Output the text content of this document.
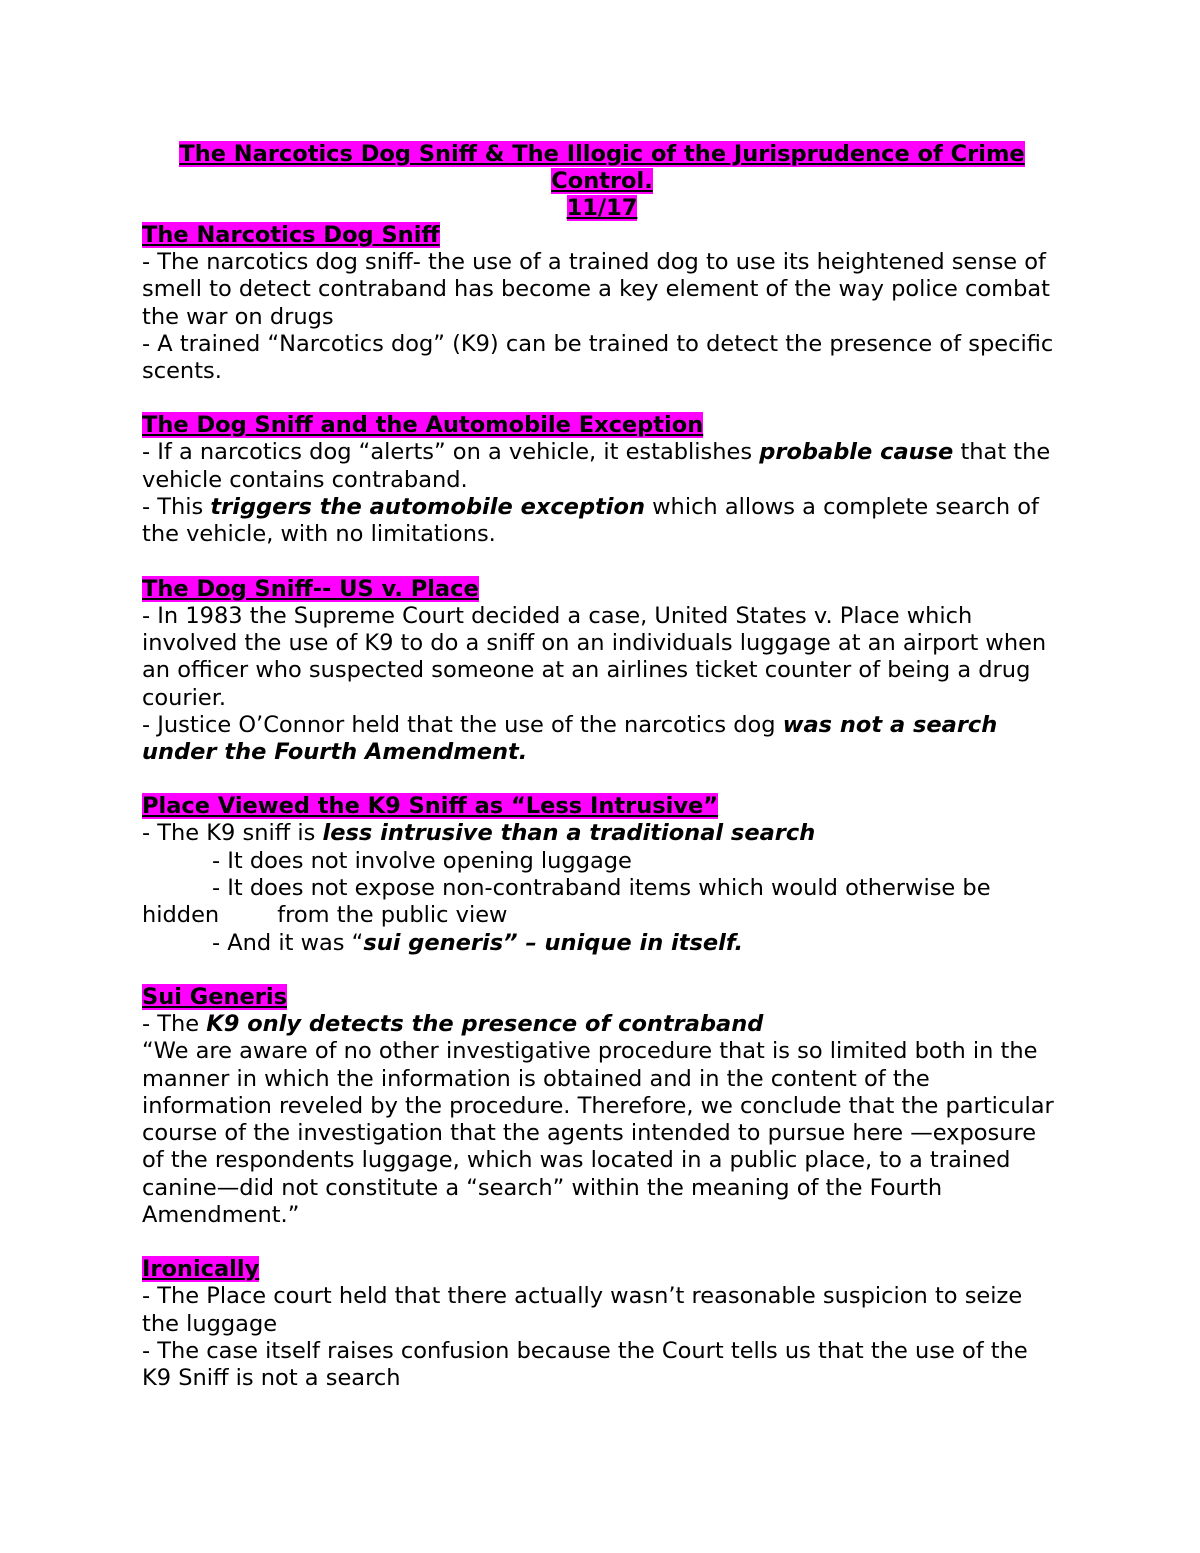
The Narcotics Dog Sniff & The Illogic of the Jurisprudence of Crime
Control.
11/17
The Narcotics Dog Sniff

- The narcotics dog sniff- the use of a trained dog to use its heightened sense of smell to detect contraband has become a key element of the way police combat the war on drugs

- A trained “Narcotics dog” (K9) can be trained to detect the presence of specific scents.

The Dog Sniff and the Automobile Exception

- If a narcotics dog “alerts” on a vehicle, it establishes probable cause that the vehicle contains contraband.

- This triggers the automobile exception which allows a complete search of the vehicle, with no limitations.

The Dog Sniff-- US v. Place

- In 1983 the Supreme Court decided a case, United States v. Place which involved the use of K9 to do a sniff on an individuals luggage at an airport when an officer who suspected someone at an airlines ticket counter of being a drug courier.

- Justice O’Connor held that the use of the narcotics dog was not a search under the Fourth Amendment.

Place Viewed the K9 Sniff as “Less Intrusive”

- The K9 sniff is less intrusive than a traditional search

- It does not involve opening luggage

- It does not expose non-contraband items which would otherwise be

hidden	from the public view

- And it was “sui generis” – unique in itself.

Sui Generis

- The K9 only detects the presence of contraband

“We are aware of no other investigative procedure that is so limited both in the manner in which the information is obtained and in the content of the information reveled by the procedure. Therefore, we conclude that the particular course of the investigation that the agents intended to pursue here —exposure of the respondents luggage, which was located in a public place, to a trained canine—did not constitute a “search” within the meaning of the Fourth Amendment.”

Ironically

- The Place court held that there actually wasn’t reasonable suspicion to seize the luggage

- The case itself raises confusion because the Court tells us that the use of the K9 Sniff is not a search
